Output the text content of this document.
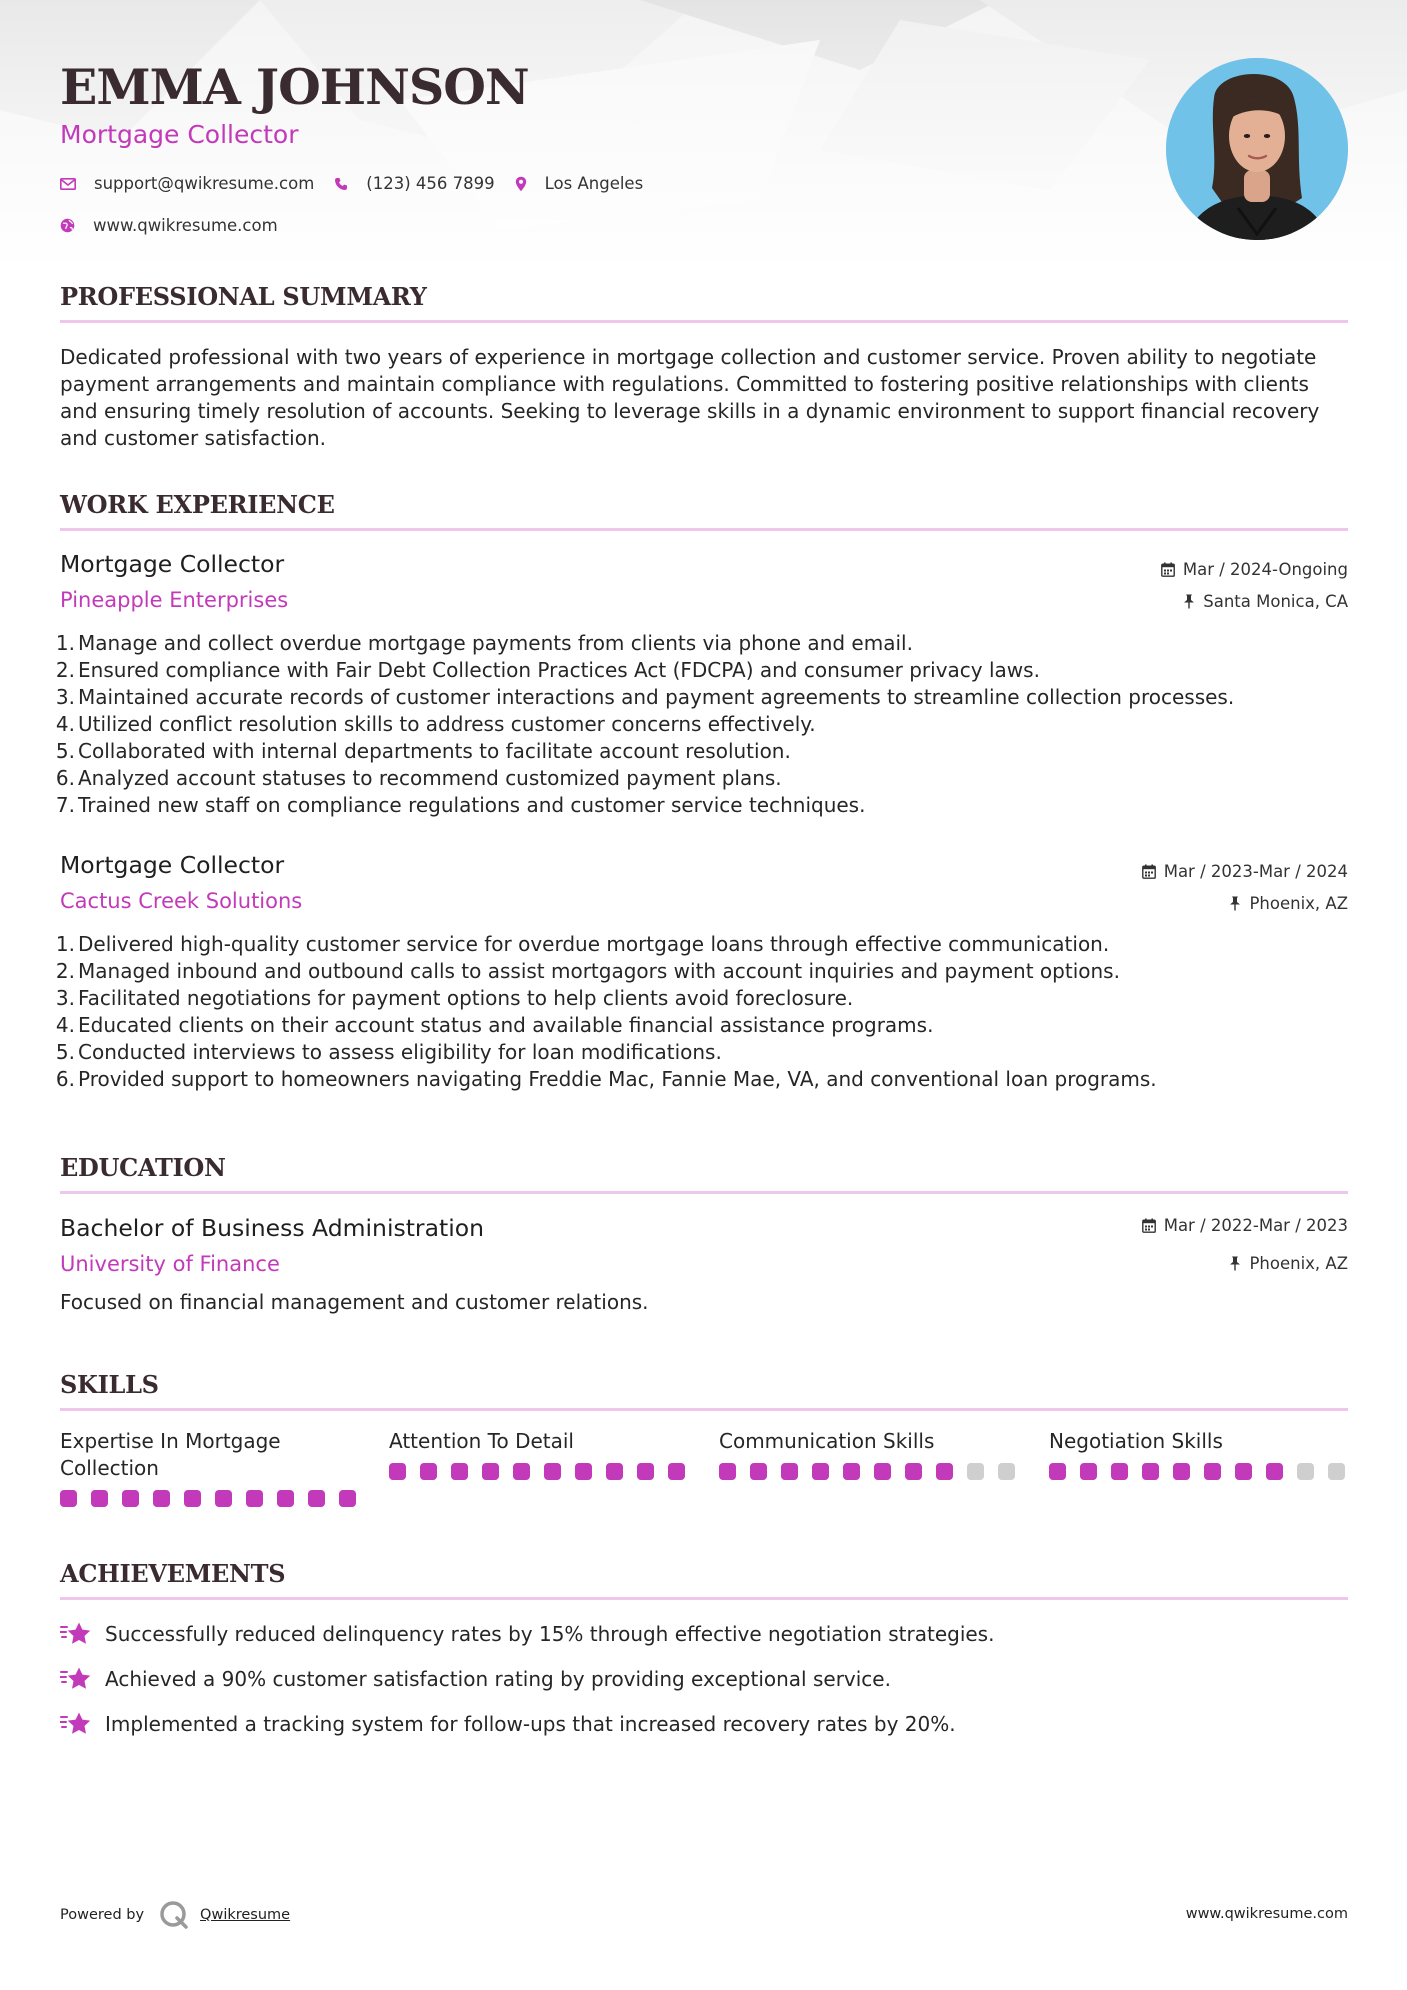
EMMA JOHNSON
Mortgage Collector
support@qwikresume.com	(123) 456 7899	Los Angeles
www.qwikresume.com
PROFESSIONAL SUMMARY

Dedicated professional with two years of experience in mortgage collection and customer service. Proven ability to negotiate payment arrangements and maintain compliance with regulations. Committed to fostering positive relationships with clients and ensuring timely resolution of accounts. Seeking to leverage skills in a dynamic environment to support financial recovery and customer satisfaction.

WORK EXPERIENCE
Mortgage Collector
Pineapple Enterprises
Mar / 2024-Ongoing
Santa Monica, CA
1. Manage and collect overdue mortgage payments from clients via phone and email.
2. Ensured compliance with Fair Debt Collection Practices Act (FDCPA) and consumer privacy laws.
3. Maintained accurate records of customer interactions and payment agreements to streamline collection processes.
4. Utilized conflict resolution skills to address customer concerns effectively.
5. Collaborated with internal departments to facilitate account resolution.
6. Analyzed account statuses to recommend customized payment plans.
7. Trained new staff on compliance regulations and customer service techniques.
Mortgage Collector
Cactus Creek Solutions
Mar / 2023-Mar / 2024
Phoenix, AZ
1. Delivered high-quality customer service for overdue mortgage loans through effective communication.
2. Managed inbound and outbound calls to assist mortgagors with account inquiries and payment options.
3. Facilitated negotiations for payment options to help clients avoid foreclosure.
4. Educated clients on their account status and available financial assistance programs.
5. Conducted interviews to assess eligibility for loan modifications.
6. Provided support to homeowners navigating Freddie Mac, Fannie Mae, VA, and conventional loan programs.
EDUCATION
Bachelor of Business Administration
University of Finance
Mar / 2022-Mar / 2023
Phoenix, AZ

Focused on financial management and customer relations.

SKILLS
Expertise In Mortgage Collection
Attention To Detail	Communication Skills	Negotiation Skills
ACHIEVEMENTS
Successfully reduced delinquency rates by 15% through effective negotiation strategies.
Achieved a 90% customer satisfaction rating by providing exceptional service.
Implemented a tracking system for follow-ups that increased recovery rates by 20%.
Powered by	Qwikresume	www.qwikresume.com
